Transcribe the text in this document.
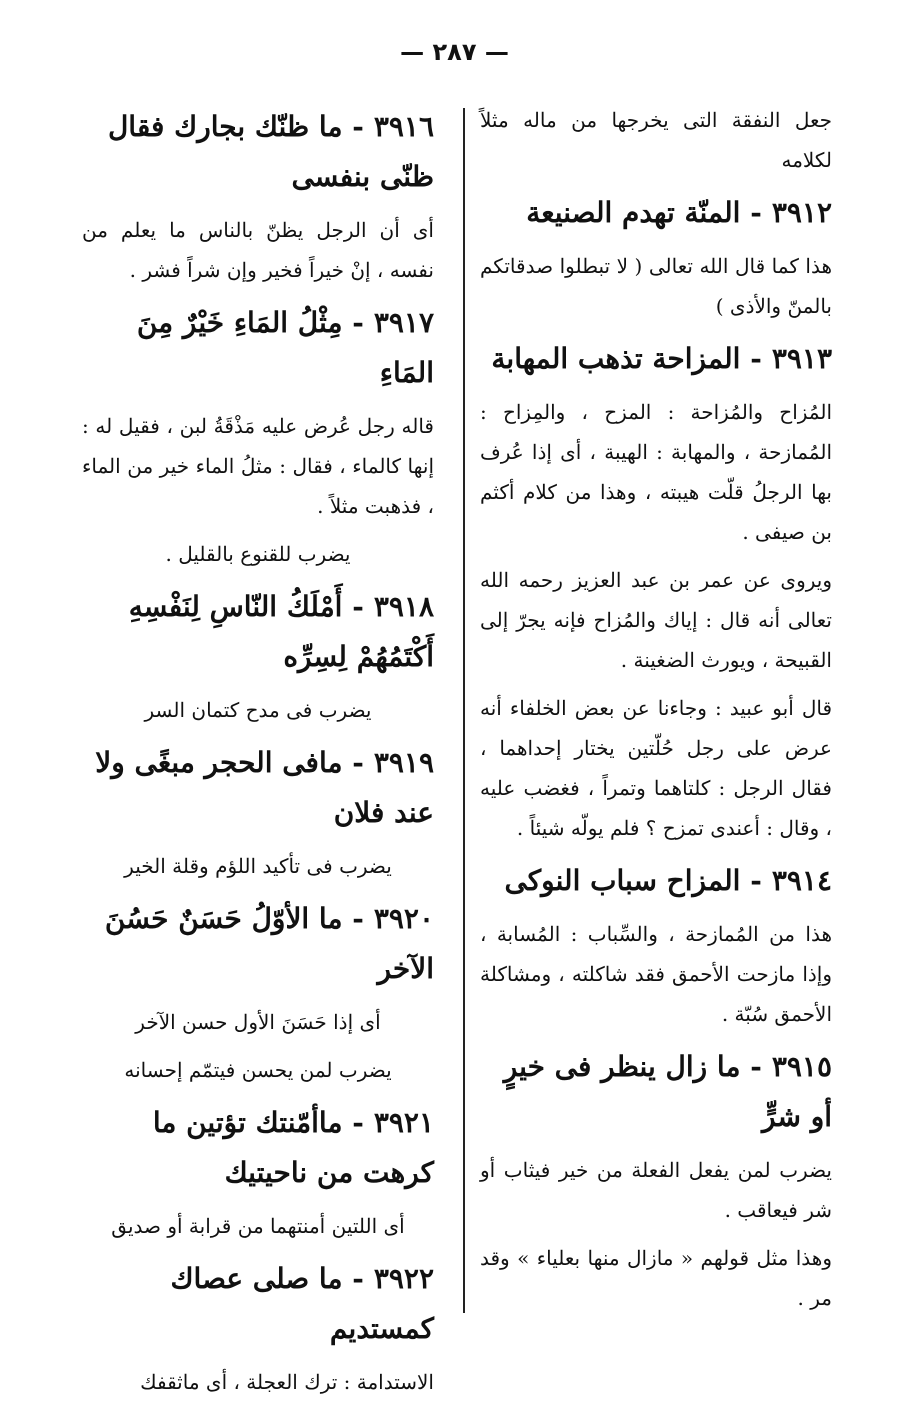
— ٢٨٧ —
جعل النفقة التى يخرجها من ماله مثلاً لكلامه
٣٩١٢- المنّة تهدم الصنيعة
هذا كما قال الله تعالى ( لا تبطلوا صدقاتكم بالمنّ والأذى )
٣٩١٣- المزاحة تذهب المهابة
المُزاح والمُزاحة : المزح ، والمِزاح : المُمازحة ، والمهابة : الهيبة ، أى إذا عُرف بها الرجلُ قلّت هيبته ، وهذا من كلام أكثم بن صيفى .
ويروى عن عمر بن عبد العزيز رحمه الله تعالى أنه قال : إياك والمُزاح فإنه يجرّ إلى القبيحة ، ويورث الضغينة .
قال أبو عبيد : وجاءنا عن بعض الخلفاء أنه عرض على رجل حُلّتين يختار إحداهما ، فقال الرجل : كلتاهما وتمراً ، فغضب عليه ، وقال : أعندى تمزح ؟ فلم يولّه شيئاً .
٣٩١٤- المزاح سباب النوكى
هذا من المُمازحة ، والسِّباب : المُسابة ، وإذا مازحت الأحمق فقد شاكلته ، ومشاكلة الأحمق سُبّة .
٣٩١٥- ما زال ينظر فى خيرٍ أو شرٍّ
يضرب لمن يفعل الفعلة من خير فيثاب أو شر فيعاقب .
وهذا مثل قولهم « مازال منها بعلياء » وقد مر .
٣٩١٦- ما ظنّك بجارك فقال ظنّى بنفسى
أى أن الرجل يظنّ بالناس ما يعلم من نفسه ، إنْ خيراً فخير وإن شراً فشر .
٣٩١٧- مِثْلُ المَاءِ خَيْرٌ مِنَ المَاءِ
قاله رجل عُرض عليه مَذْقَةُ لبن ، فقيل له : إنها كالماء ، فقال : مثلُ الماء خير من الماء ، فذهبت مثلاً .
يضرب للقنوع بالقليل .
٣٩١٨- أَمْلَكُ النّاسِ لِنَفْسِهِ أَكْتَمُهُمْ لِسِرِّه
يضرب فى مدح كتمان السر
٣٩١٩- مافى الحجر مبغًى ولا عند فلان
يضرب فى تأكيد اللؤم وقلة الخير
٣٩٢٠- ما الأوّلُ حَسَنٌ حَسُنَ الآخر
أى إذا حَسَنَ الأول حسن الآخر
يضرب لمن يحسن فيتمّم إحسانه
٣٩٢١- ماأمّنتك تؤتين ما كرهت من ناحيتيك
أى اللتين أمنتهما من قرابة أو صديق
٣٩٢٢- ما صلى عصاك كمستديم
الاستدامة : ترك العجلة ، أى ماثقفك
